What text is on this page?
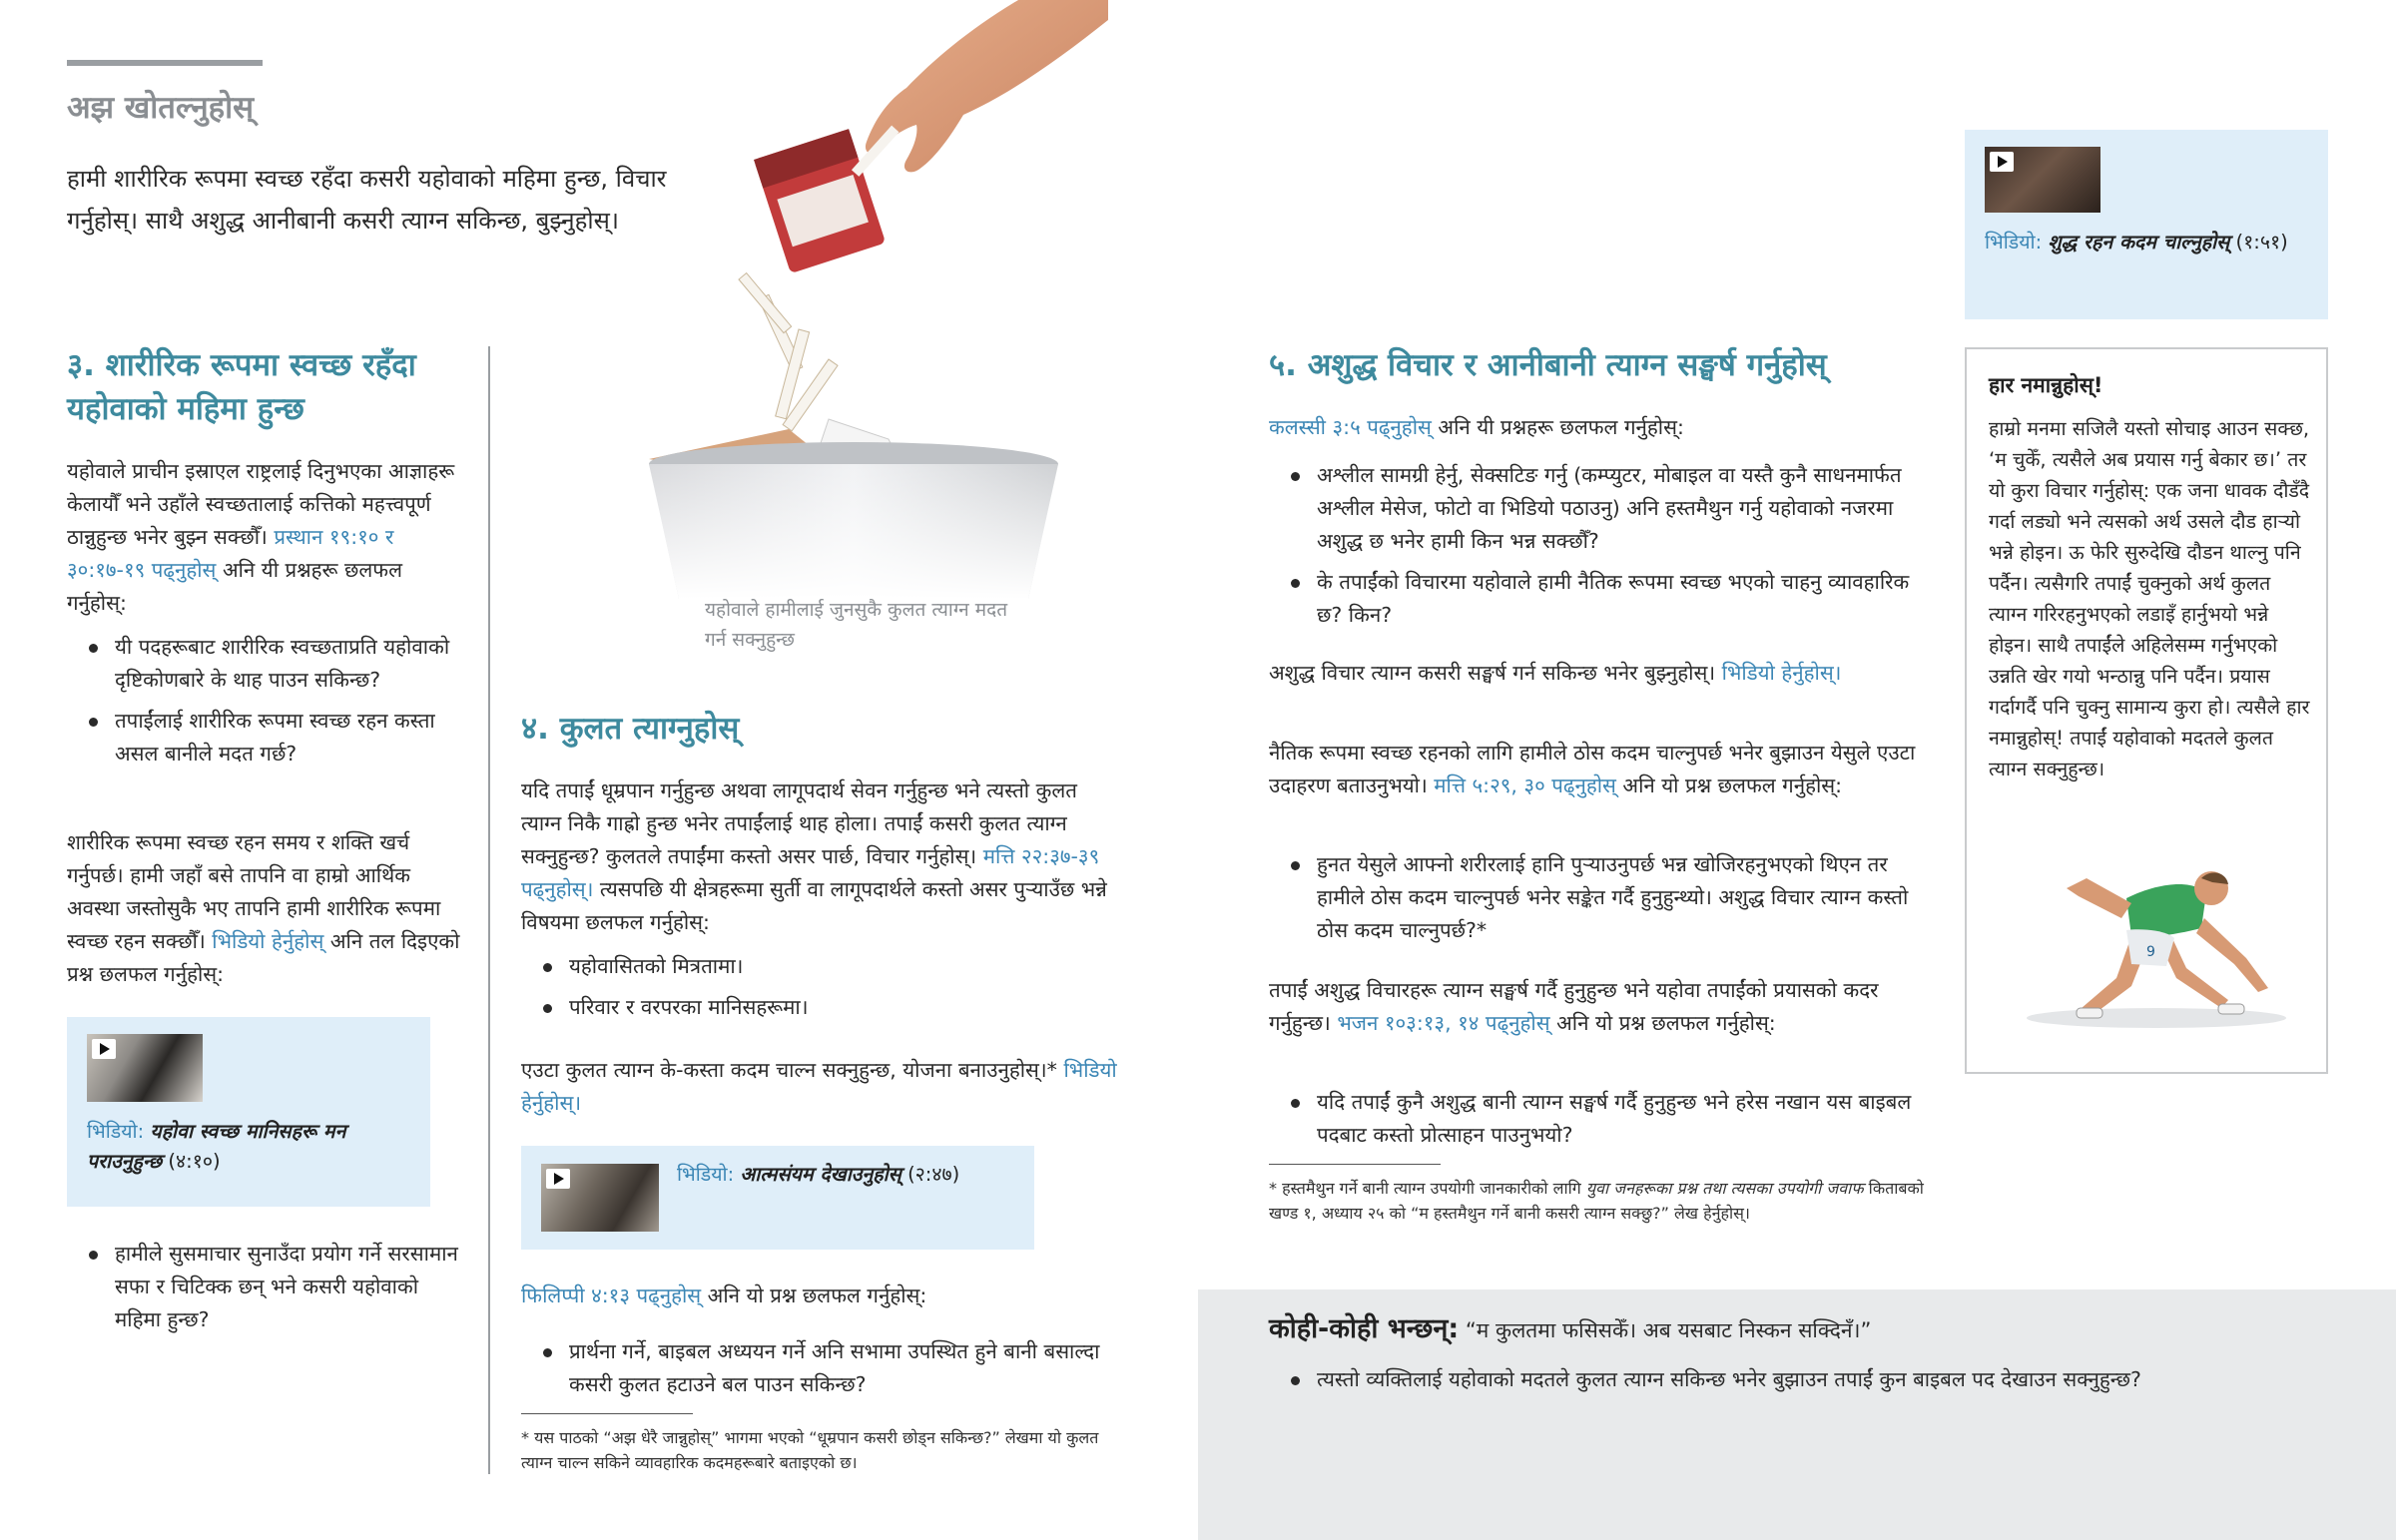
अझ खोतल्नुहोस्
हामी शारीरिक रूपमा स्वच्छ रहँदा कसरी यहोवाको महिमा हुन्छ, विचार गर्नुहोस्। साथै अशुद्ध आनीबानी कसरी त्याग्न सकिन्छ, बुझ्नुहोस्।
३. शारीरिक रूपमा स्वच्छ रहँदा यहोवाको महिमा हुन्छ
यहोवाले प्राचीन इस्राएल राष्ट्रलाई दिनुभएका आज्ञाहरू केलायौँ भने उहाँले स्वच्छतालाई कत्तिको महत्त्वपूर्ण ठान्नुहुन्छ भनेर बुझ्न सक्छौँ। प्रस्थान १९:१० र ३०:१७-१९ पढ्नुहोस् अनि यी प्रश्नहरू छलफल गर्नुहोस्:
यी पदहरूबाट शारीरिक स्वच्छताप्रति यहोवाको दृष्टिकोणबारे के थाह पाउन सकिन्छ?
तपाईंलाई शारीरिक रूपमा स्वच्छ रहन कस्ता असल बानीले मदत गर्छ?
शारीरिक रूपमा स्वच्छ रहन समय र शक्ति खर्च गर्नुपर्छ। हामी जहाँ बसे तापनि वा हाम्रो आर्थिक अवस्था जस्तोसुकै भए तापनि हामी शारीरिक रूपमा स्वच्छ रहन सक्छौँ। भिडियो हेर्नुहोस् अनि तल दिइएको प्रश्न छलफल गर्नुहोस्:
भिडियो: यहोवा स्वच्छ मानिसहरू मन पराउनुहुन्छ (४:१०)
हामीले सुसमाचार सुनाउँदा प्रयोग गर्ने सरसामान सफा र चिटिक्क छन् भने कसरी यहोवाको महिमा हुन्छ?
यहोवाले हामीलाई जुनसुकै कुलत त्याग्न मदत गर्न सक्नुहुन्छ
४. कुलत त्याग्नुहोस्
यदि तपाईं धूम्रपान गर्नुहुन्छ अथवा लागूपदार्थ सेवन गर्नुहुन्छ भने त्यस्तो कुलत त्याग्न निकै गाह्रो हुन्छ भनेर तपाईंलाई थाह होला। तपाईं कसरी कुलत त्याग्न सक्नुहुन्छ? कुलतले तपाईंमा कस्तो असर पार्छ, विचार गर्नुहोस्। मत्ति २२:३७-३९ पढ्नुहोस्। त्यसपछि यी क्षेत्रहरूमा सुर्ती वा लागूपदार्थले कस्तो असर पुऱ्याउँछ भन्ने विषयमा छलफल गर्नुहोस्:
यहोवासितको मित्रतामा।
परिवार र वरपरका मानिसहरूमा।
एउटा कुलत त्याग्न के-कस्ता कदम चाल्न सक्नुहुन्छ, योजना बनाउनुहोस्।* भिडियो हेर्नुहोस्।
भिडियो: आत्मसंयम देखाउनुहोस् (२:४७)
फिलिप्पी ४:१३ पढ्नुहोस् अनि यो प्रश्न छलफल गर्नुहोस्:
प्रार्थना गर्ने, बाइबल अध्ययन गर्ने अनि सभामा उपस्थित हुने बानी बसाल्दा कसरी कुलत हटाउने बल पाउन सकिन्छ?
* यस पाठको “अझ धेरै जान्नुहोस्” भागमा भएको “धूम्रपान कसरी छोड्न सकिन्छ?” लेखमा यो कुलत त्याग्न चाल्न सकिने व्यावहारिक कदमहरूबारे बताइएको छ।
५. अशुद्ध विचार र आनीबानी त्याग्न सङ्घर्ष गर्नुहोस्
कलस्सी ३:५ पढ्नुहोस् अनि यी प्रश्नहरू छलफल गर्नुहोस्:
अश्लील सामग्री हेर्नु, सेक्सटिङ गर्नु (कम्प्युटर, मोबाइल वा यस्तै कुनै साधनमार्फत अश्लील मेसेज, फोटो वा भिडियो पठाउनु) अनि हस्तमैथुन गर्नु यहोवाको नजरमा अशुद्ध छ भनेर हामी किन भन्न सक्छौँ?
के तपाईंको विचारमा यहोवाले हामी नैतिक रूपमा स्वच्छ भएको चाहनु व्यावहारिक छ? किन?
अशुद्ध विचार त्याग्न कसरी सङ्घर्ष गर्न सकिन्छ भनेर बुझ्नुहोस्। भिडियो हेर्नुहोस्।
नैतिक रूपमा स्वच्छ रहनको लागि हामीले ठोस कदम चाल्नुपर्छ भनेर बुझाउन येसुले एउटा उदाहरण बताउनुभयो। मत्ति ५:२९, ३० पढ्नुहोस् अनि यो प्रश्न छलफल गर्नुहोस्:
हुनत येसुले आफ्नो शरीरलाई हानि पुऱ्याउनुपर्छ भन्न खोजिरहनुभएको थिएन तर हामीले ठोस कदम चाल्नुपर्छ भनेर सङ्केत गर्दै हुनुहुन्थ्यो। अशुद्ध विचार त्याग्न कस्तो ठोस कदम चाल्नुपर्छ?*
तपाईं अशुद्ध विचारहरू त्याग्न सङ्घर्ष गर्दै हुनुहुन्छ भने यहोवा तपाईंको प्रयासको कदर गर्नुहुन्छ। भजन १०३:१३, १४ पढ्नुहोस् अनि यो प्रश्न छलफल गर्नुहोस्:
यदि तपाईं कुनै अशुद्ध बानी त्याग्न सङ्घर्ष गर्दै हुनुहुन्छ भने हरेस नखान यस बाइबल पदबाट कस्तो प्रोत्साहन पाउनुभयो?
* हस्तमैथुन गर्ने बानी त्याग्न उपयोगी जानकारीको लागि युवा जनहरूका प्रश्न तथा त्यसका उपयोगी जवाफ किताबको खण्ड १, अध्याय २५ को “म हस्तमैथुन गर्ने बानी कसरी त्याग्न सक्छु?” लेख हेर्नुहोस्।
भिडियो: शुद्ध रहन कदम चाल्नुहोस् (१:५१)
हार नमान्नुहोस्!
हाम्रो मनमा सजिलै यस्तो सोचाइ आउन सक्छ, ‘म चुकेँ, त्यसैले अब प्रयास गर्नु बेकार छ।’ तर यो कुरा विचार गर्नुहोस्: एक जना धावक दौडँदै गर्दा लड्यो भने त्यसको अर्थ उसले दौड हाऱ्यो भन्ने होइन। ऊ फेरि सुरुदेखि दौडन थाल्नु पनि पर्दैन। त्यसैगरि तपाईं चुक्नुको अर्थ कुलत त्याग्न गरिरहनुभएको लडाइँ हार्नुभयो भन्ने होइन। साथै तपाईंले अहिलेसम्म गर्नुभएको उन्नति खेर गयो भन्ठान्नु पनि पर्दैन। प्रयास गर्दागर्दै पनि चुक्नु सामान्य कुरा हो। त्यसैले हार नमान्नुहोस्! तपाईं यहोवाको मदतले कुलत त्याग्न सक्नुहुन्छ।
9
कोही-कोही भन्छन्: “म कुलतमा फसिसकेँ। अब यसबाट निस्कन सक्दिनँ।”
त्यस्तो व्यक्तिलाई यहोवाको मदतले कुलत त्याग्न सकिन्छ भनेर बुझाउन तपाईं कुन बाइबल पद देखाउन सक्नुहुन्छ?
